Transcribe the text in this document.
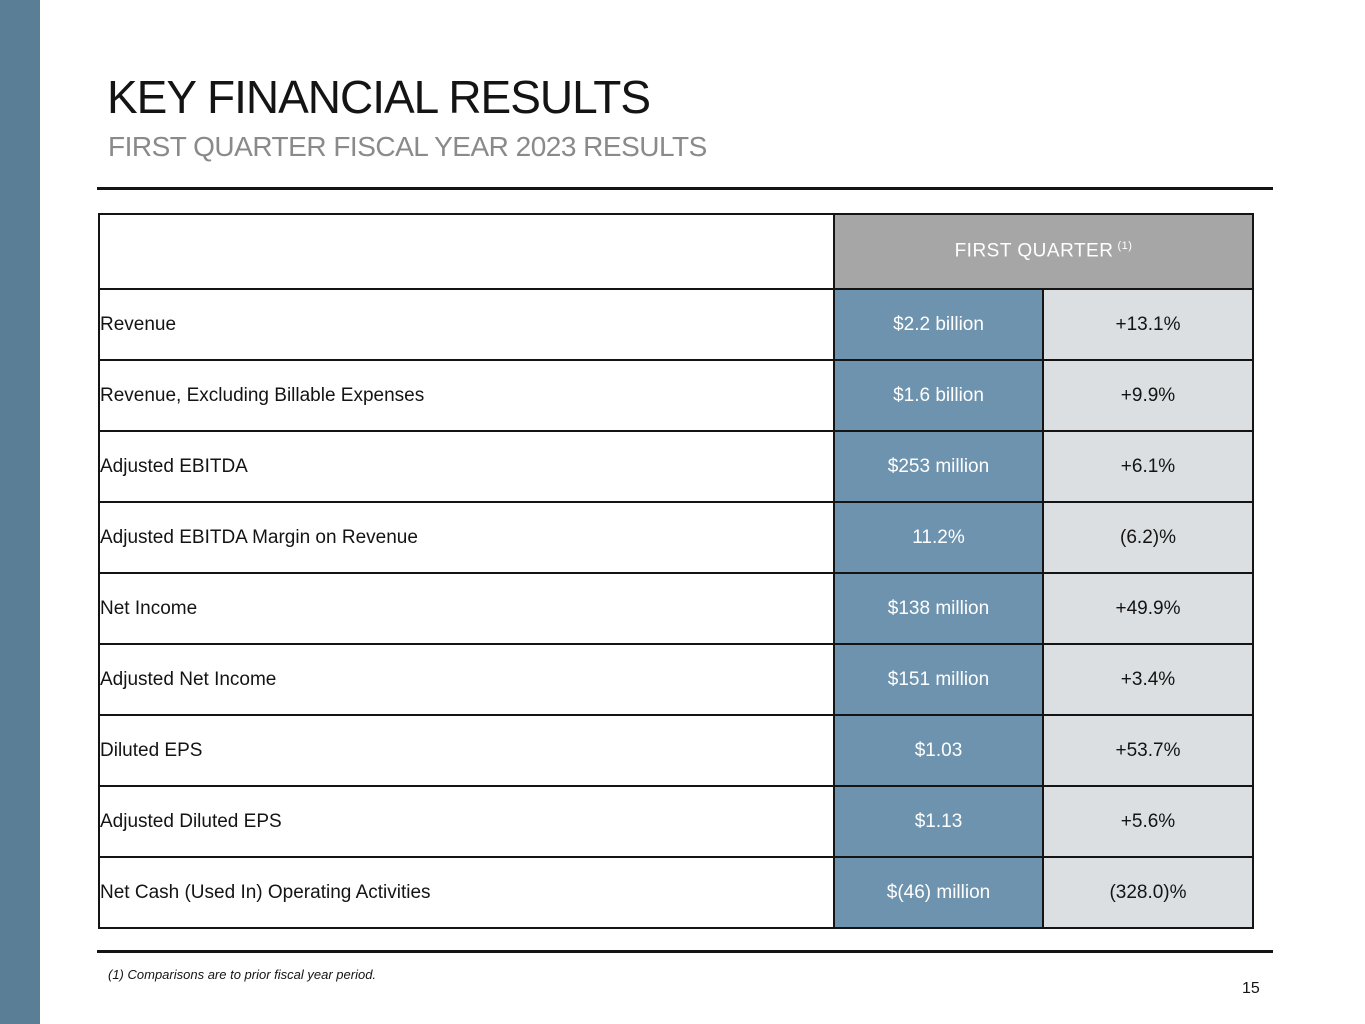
KEY FINANCIAL RESULTS
FIRST QUARTER FISCAL YEAR 2023 RESULTS
	FIRST QUARTER $^{(1)}$
Revenue	$2.2 billion	+13.1%
Revenue, Excluding Billable Expenses	$1.6 billion	+9.9%
Adjusted EBITDA	$253 million	+6.1%
Adjusted EBITDA Margin on Revenue	11.2%	(6.2)%
Net Income	$138 million	+49.9%
Adjusted Net Income	$151 million	+3.4%
Diluted EPS	$1.03	+53.7%
Adjusted Diluted EPS	$1.13	+5.6%
Net Cash (Used In) Operating Activities	$(46) million	(328.0)%
(1) Comparisons are to prior fiscal year period.
15
